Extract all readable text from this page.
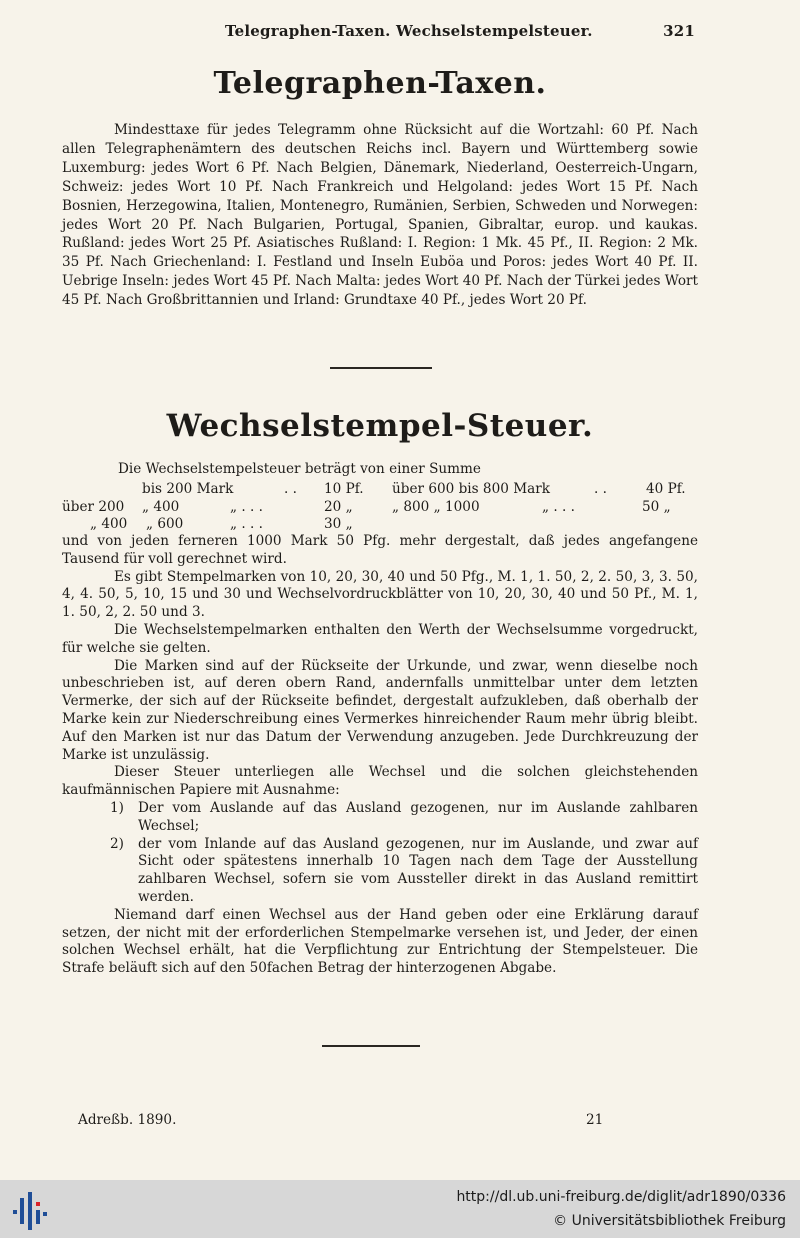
Telegraphen-Taxen. Wechselstempelsteuer.	321
Telegraphen-Taxen.
Mindesttaxe für jedes Telegramm ohne Rücksicht auf die Wortzahl: 60 Pf. Nach allen Telegraphenämtern des deutschen Reichs incl. Bayern und Württemberg sowie Luxemburg: jedes Wort 6 Pf. Nach Belgien, Dänemark, Niederland, Oesterreich-Ungarn, Schweiz: jedes Wort 10 Pf. Nach Frankreich und Helgoland: jedes Wort 15 Pf. Nach Bosnien, Herzegowina, Italien, Montenegro, Rumänien, Serbien, Schweden und Norwegen: jedes Wort 20 Pf. Nach Bulgarien, Portugal, Spanien, Gibraltar, europ. und kaukas. Rußland: jedes Wort 25 Pf. Asiatisches Rußland: I. Region: 1 Mk. 45 Pf., II. Region: 2 Mk. 35 Pf. Nach Griechenland: I. Festland und Inseln Euböa und Poros: jedes Wort 40 Pf. II. Uebrige Inseln: jedes Wort 45 Pf. Nach Malta: jedes Wort 40 Pf. Nach der Türkei jedes Wort 45 Pf. Nach Großbrittannien und Irland: Grundtaxe 40 Pf., jedes Wort 20 Pf.
Wechselstempel-Steuer.
Die Wechselstempelsteuer beträgt von einer Summe
bis 200 Mark	. . 10 Pf. über 600 bis 800 Mark	. .	40 Pf.
über 200 „ 400	„ . . .	20 „	„ 800 „ 1000	„ . . .	50 „
„ 400 „ 600	„ . . .	30 „

und von jeden ferneren 1000 Mark 50 Pfg. mehr dergestalt, daß jedes angefangene Tausend für voll gerechnet wird.

Es gibt Stempelmarken von 10, 20, 30, 40 und 50 Pfg., M. 1, 1. 50, 2, 2. 50, 3, 3. 50, 4, 4. 50, 5, 10, 15 und 30 und Wechselvordruckblätter von 10, 20, 30, 40 und 50 Pf., M. 1, 1. 50, 2, 2. 50 und 3.

Die Wechselstempelmarken enthalten den Werth der Wechselsumme vorgedruckt, für welche sie gelten.

Die Marken sind auf der Rückseite der Urkunde, und zwar, wenn dieselbe noch unbeschrieben ist, auf deren obern Rand, andernfalls unmittelbar unter dem letzten Vermerke, der sich auf der Rückseite befindet, dergestalt aufzukleben, daß oberhalb der Marke kein zur Niederschreibung eines Vermerkes hinreichender Raum mehr übrig bleibt. Auf den Marken ist nur das Datum der Verwendung anzugeben. Jede Durchkreuzung der Marke ist unzulässig.

Dieser Steuer unterliegen alle Wechsel und die solchen gleichstehenden kaufmännischen Papiere mit Ausnahme:

1) Der vom Auslande auf das Ausland gezogenen, nur im Auslande zahlbaren Wechsel;
2) der vom Inlande auf das Ausland gezogenen, nur im Auslande, und zwar auf Sicht oder spätestens innerhalb 10 Tagen nach dem Tage der Ausstellung zahlbaren Wechsel, sofern sie vom Aussteller direkt in das Ausland remittirt werden.

Niemand darf einen Wechsel aus der Hand geben oder eine Erklärung darauf setzen, der nicht mit der erforderlichen Stempelmarke versehen ist, und Jeder, der einen solchen Wechsel erhält, hat die Verpflichtung zur Entrichtung der Stempelsteuer. Die Strafe beläuft sich auf den 50fachen Betrag der hinterzogenen Abgabe.

Adreßb. 1890.	21
http://dl.ub.uni-freiburg.de/diglit/adr1890/0336
© Universitätsbibliothek Freiburg
